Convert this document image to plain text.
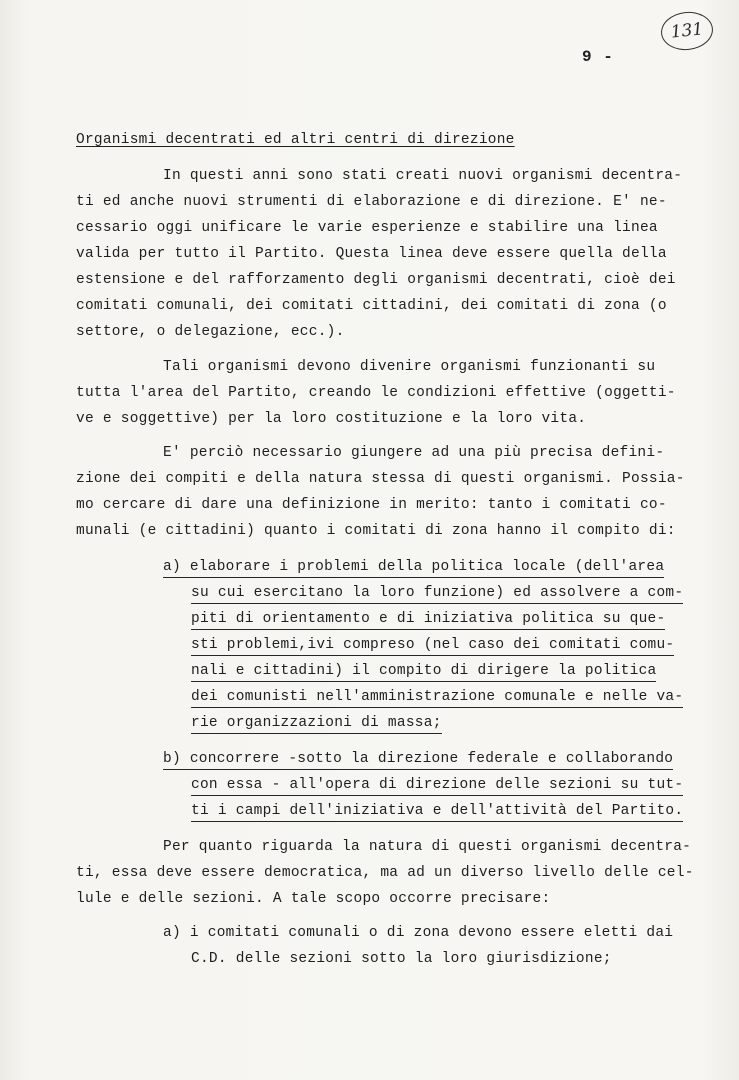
131
9 -
Organismi decentrati ed altri centri di direzione
In questi anni sono stati creati nuovi organismi decentra-
ti ed anche nuovi strumenti di elaborazione e di direzione. E' ne-
cessario oggi unificare le varie esperienze e stabilire una linea
valida per tutto il Partito. Questa linea deve essere quella della
estensione e del rafforzamento degli organismi decentrati, cioè dei
comitati comunali, dei comitati cittadini, dei comitati di zona (o
settore, o delegazione, ecc.).
Tali organismi devono divenire organismi funzionanti su
tutta l'area del Partito, creando le condizioni effettive (oggetti-
ve e soggettive) per la loro costituzione e la loro vita.
E' perciò necessario giungere ad una più precisa defini-
zione dei compiti e della natura stessa di questi organismi. Possia-
mo cercare di dare una definizione in merito: tanto i comitati co-
munali (e cittadini) quanto i comitati di zona hanno il compito di:
a) elaborare i problemi della politica locale (dell'area
su cui esercitano la loro funzione) ed assolvere a com-
piti di orientamento e di iniziativa politica su que-
sti problemi,ivi compreso (nel caso dei comitati comu-
nali e cittadini) il compito di dirigere la politica
dei comunisti nell'amministrazione comunale e nelle va-
rie organizzazioni di massa;
b) concorrere -sotto la direzione federale e collaborando
con essa - all'opera di direzione delle sezioni su tut-
ti i campi dell'iniziativa e dell'attività del Partito.
Per quanto riguarda la natura di questi organismi decentra-
ti, essa deve essere democratica, ma ad un diverso livello delle cel-
lule e delle sezioni. A tale scopo occorre precisare:
a) i comitati comunali o di zona devono essere eletti dai
C.D. delle sezioni sotto la loro giurisdizione;
